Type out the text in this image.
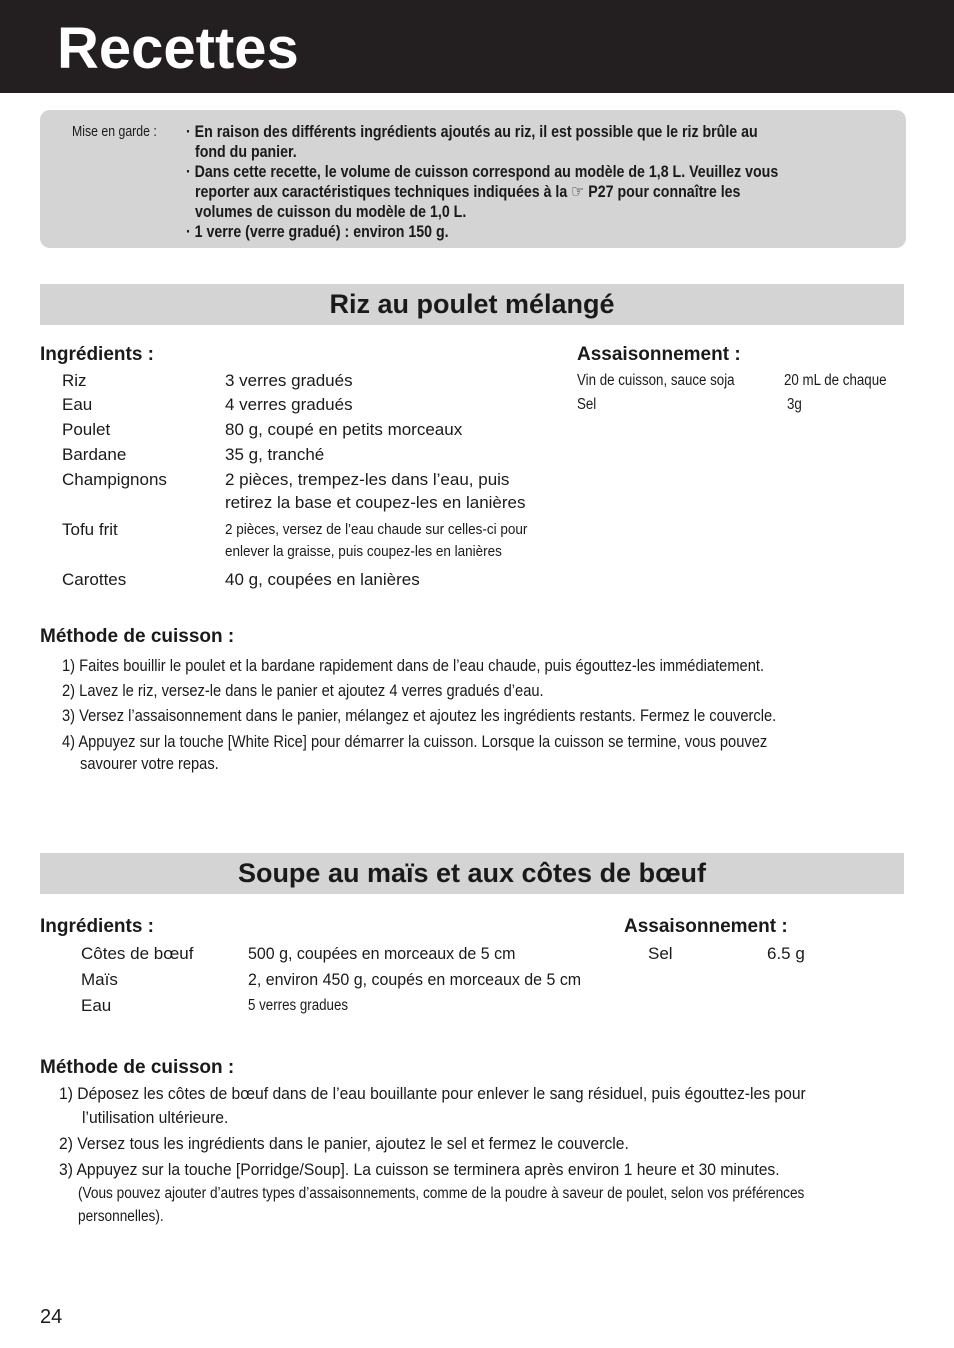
Recettes
Mise en garde : · En raison des différents ingrédients ajoutés au riz, il est possible que le riz brûle au
fond du panier.
· Dans cette recette, le volume de cuisson correspond au modèle de 1,8 L. Veuillez vous
reporter aux caractéristiques techniques indiquées à la ☞ P27 pour connaître les
volumes de cuisson du modèle de 1,0 L.
· 1 verre (verre gradué) : environ 150 g.
Riz au poulet mélangé
Ingrédients :	Assaisonnement :
Riz	3 verres gradués
Eau	4 verres gradués
Poulet	80 g, coupé en petits morceaux
Bardane	35 g, tranché
Champignons	2 pièces, trempez-les dans l’eau, puis
retirez la base et coupez-les en lanières
Tofu frit	2 pièces, versez de l’eau chaude sur celles-ci pour
enlever la graisse, puis coupez-les en lanières
Carottes	40 g, coupées en lanières
Vin de cuisson, sauce soja	20 mL de chaque
Sel	3g
Méthode de cuisson :
1) Faites bouillir le poulet et la bardane rapidement dans de l’eau chaude, puis égouttez-les immédiatement.
2) Lavez le riz, versez-le dans le panier et ajoutez 4 verres gradués d’eau.
3) Versez l’assaisonnement dans le panier, mélangez et ajoutez les ingrédients restants. Fermez le couvercle.
4) Appuyez sur la touche [White Rice] pour démarrer la cuisson. Lorsque la cuisson se termine, vous pouvez
savourer votre repas.
Soupe au maïs et aux côtes de bœuf
Ingrédients :	Assaisonnement :
Côtes de bœuf	500 g, coupées en morceaux de 5 cm
Maïs	2, environ 450 g, coupés en morceaux de 5 cm
Eau	5 verres gradues
Sel	6.5 g
Méthode de cuisson :
1) Déposez les côtes de bœuf dans de l’eau bouillante pour enlever le sang résiduel, puis égouttez-les pour
l’utilisation ultérieure.
2) Versez tous les ingrédients dans le panier, ajoutez le sel et fermez le couvercle.
3) Appuyez sur la touche [Porridge/Soup]. La cuisson se terminera après environ 1 heure et 30 minutes.
(Vous pouvez ajouter d’autres types d’assaisonnements, comme de la poudre à saveur de poulet, selon vos préférences
personnelles).
24
